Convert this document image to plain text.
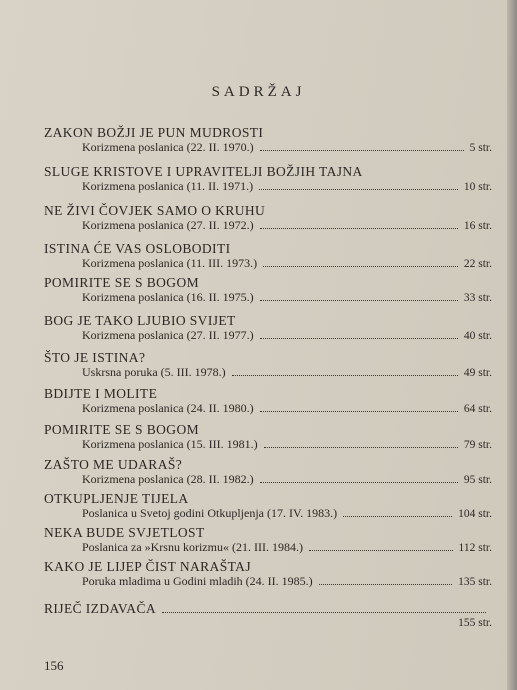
SADRŽAJ
ZAKON BOŽJI JE PUN MUDROSTI
Korizmena poslanica (22. II. 1970.)	5 str.
SLUGE KRISTOVE I UPRAVITELJI BOŽJIH TAJNA
Korizmena poslanica (11. II. 1971.)	10 str.
NE ŽIVI ČOVJEK SAMO O KRUHU
Korizmena poslanica (27. II. 1972.)	16 str.
ISTINA ĆE VAS OSLOBODITI
Korizmena poslanica (11. III. 1973.)	22 str.
POMIRITE SE S BOGOM
Korizmena poslanica (16. II. 1975.)	33 str.
BOG JE TAKO LJUBIO SVIJET
Korizmena poslanica (27. II. 1977.)	40 str.
ŠTO JE ISTINA?
Uskrsna poruka (5. III. 1978.)	49 str.
BDIJTE I MOLITE
Korizmena poslanica (24. II. 1980.)	64 str.
POMIRITE SE S BOGOM
Korizmena poslanica (15. III. 1981.)	79 str.
ZAŠTO ME UDARAŠ?
Korizmena poslanica (28. II. 1982.)	95 str.
OTKUPLJENJE TIJELA
Poslanica u Svetoj godini Otkupljenja (17. IV. 1983.)	104 str.
NEKA BUDE SVJETLOST
Poslanica za »Krsnu korizmu« (21. III. 1984.)	112 str.
KAKO JE LIJEP ČIST NARAŠTAJ
Poruka mladima u Godini mladih (24. II. 1985.)	135 str.
RIJEČ IZDAVAČA
155 str.
156
